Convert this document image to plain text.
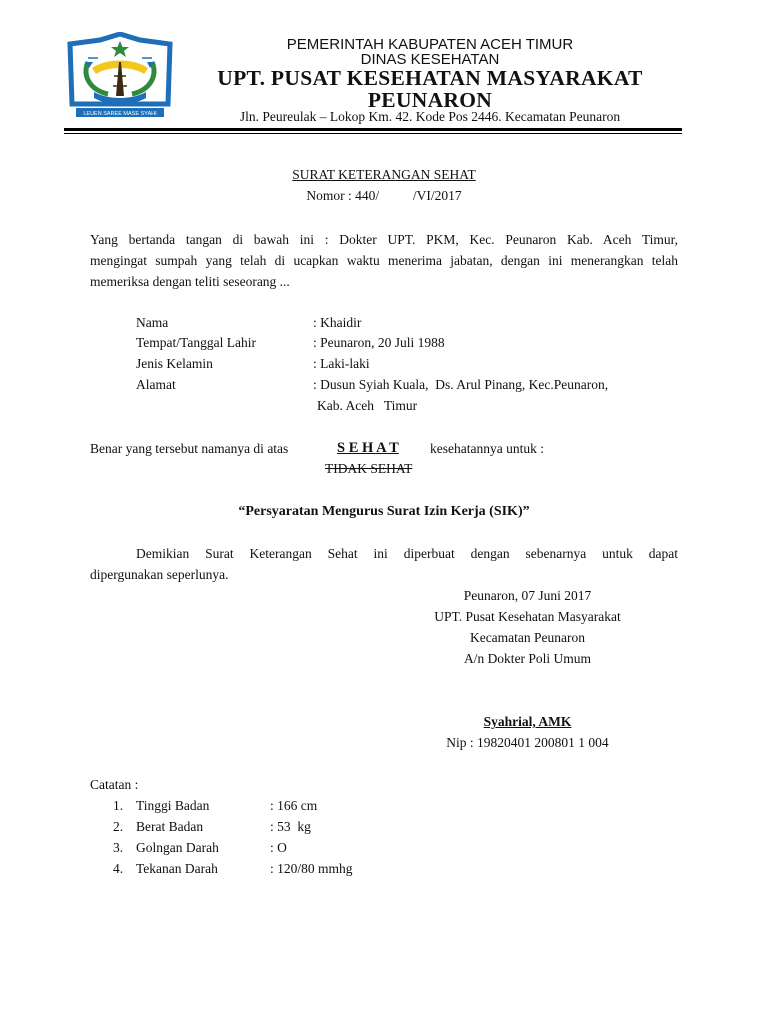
LEUEN SAREE MASE SYAHI
PEMERINTAH KABUPATEN ACEH TIMUR
DINAS KESEHATAN
UPT. PUSAT KESEHATAN MASYARAKAT
PEUNARON
Jln. Peureulak – Lokop Km. 42. Kode Pos 2446. Kecamatan Peunaron
SURAT KETERANGAN SEHAT
Nomor : 440/          /VI/2017
Yang bertanda tangan di bawah ini : Dokter UPT. PKM, Kec. Peunaron Kab. Aceh Timur,
mengingat sumpah yang telah di ucapkan waktu menerima jabatan, dengan ini menerangkan telah
memeriksa dengan teliti seseorang ...
Nama	: Khaidir
Tempat/Tanggal Lahir	: Peunaron, 20 Juli 1988
Jenis Kelamin	: Laki-laki
Alamat	: Dusun Syiah Kuala,  Ds. Arul Pinang, Kec.Peunaron,
Kab. Aceh   Timur
Benar yang tersebut namanya di atas	S E H A T kesehatannya untuk :
TIDAK SEHAT
“Persyaratan Mengurus Surat Izin Kerja (SIK)”
Demikian Surat Keterangan Sehat ini diperbuat dengan sebenarnya untuk dapat
dipergunakan seperlunya.
Peunaron, 07 Juni 2017
UPT. Pusat Kesehatan Masyarakat
Kecamatan Peunaron
A/n Dokter Poli Umum
Syahrial, AMK
Nip : 19820401 200801 1 004
Catatan :
1. Tinggi Badan	: 166 cm
2. Berat Badan	: 53  kg
3. Golngan Darah	: O
4. Tekanan Darah	: 120/80 mmhg
